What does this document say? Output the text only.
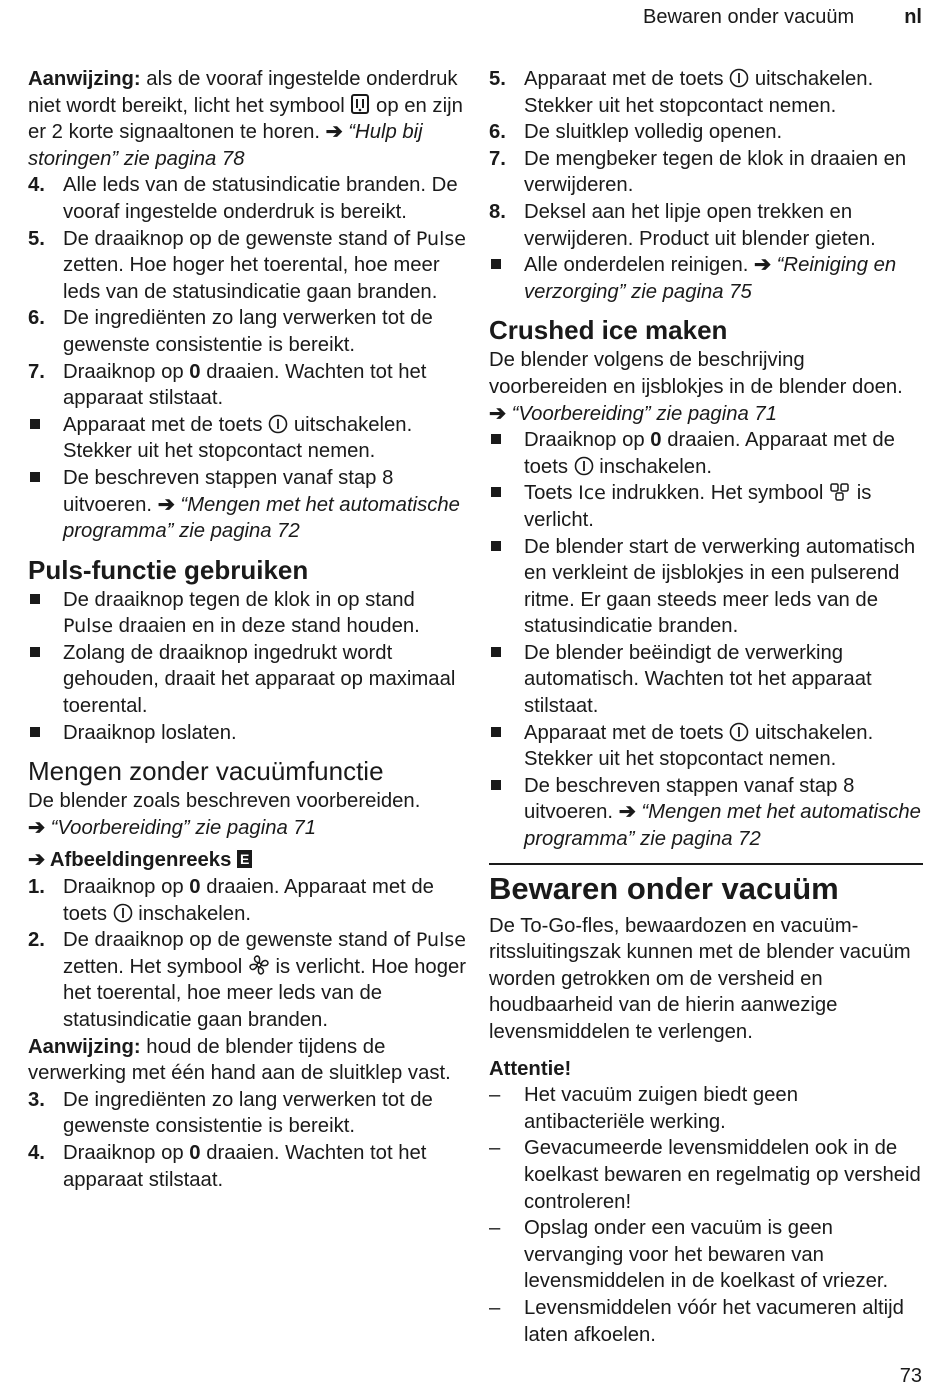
Bewaren onder vacuüm	nl

Aanwijzing: als de vooraf ingestelde onderdruk niet wordt bereikt, licht het symbool  op en zijn er 2 korte signaaltonen te horen. ➔ “Hulp bij storingen” zie pagina 78

4. Alle leds van de statusindicatie branden. De vooraf ingestelde onderdruk is bereikt.
5. De draaiknop op de gewenste stand of Pulse zetten. Hoe hoger het toerental, hoe meer leds van de statusindicatie gaan branden.
6. De ingrediënten zo lang verwerken tot de gewenste consistentie is bereikt.
7. Draaiknop op 0 draaien. Wachten tot het apparaat stilstaat.
Apparaat met de toets  uitschakelen. Stekker uit het stopcontact nemen.
De beschreven stappen vanaf stap 8 uitvoeren. ➔ “Mengen met het automatische programma” zie pagina 72
Puls-functie gebruiken
De draaiknop tegen de klok in op stand Pulse draaien en in deze stand houden.
Zolang de draaiknop ingedrukt wordt gehouden, draait het apparaat op maximaal toerental.
Draaiknop loslaten.
Mengen zonder vacuümfunctie

De blender zoals beschreven voorbereiden.

➔ “Voorbereiding” zie pagina 71

➔ Afbeeldingenreeks E

1. Draaiknop op 0 draaien. Apparaat met de toets  inschakelen.
2. De draaiknop op de gewenste stand of Pulse zetten. Het symbool  is verlicht. Hoe hoger het toerental, hoe meer leds van de statusindicatie gaan branden.

Aanwijzing: houd de blender tijdens de verwerking met één hand aan de sluitklep vast.

3. De ingrediënten zo lang verwerken tot de gewenste consistentie is bereikt.
4. Draaiknop op 0 draaien. Wachten tot het apparaat stilstaat.
5. Apparaat met de toets  uitschakelen. Stekker uit het stopcontact nemen.
6. De sluitklep volledig openen.
7. De mengbeker tegen de klok in draaien en verwijderen.
8. Deksel aan het lipje open trekken en verwijderen. Product uit blender gieten.
Alle onderdelen reinigen. ➔ “Reiniging en verzorging” zie pagina 75
Crushed ice maken

De blender volgens de beschrijving voorbereiden en ijsblokjes in de blender doen. ➔ “Voorbereiding” zie pagina 71

Draaiknop op 0 draaien. Apparaat met de toets  inschakelen.
Toets Ice indrukken. Het symbool  is verlicht.
De blender start de verwerking automatisch en verkleint de ijsblokjes in een pulserend ritme. Er gaan steeds meer leds van de statusindicatie branden.
De blender beëindigt de verwerking automatisch. Wachten tot het apparaat stilstaat.
Apparaat met de toets  uitschakelen. Stekker uit het stopcontact nemen.
De beschreven stappen vanaf stap 8 uitvoeren. ➔ “Mengen met het automatische programma” zie pagina 72
Bewaren onder vacuüm

De To-Go-fles, bewaardozen en vacuümritssluitingszak kunnen met de blender vacuüm worden getrokken om de versheid en houdbaarheid van de hierin aanwezige levensmiddelen te verlengen.

Attentie!

–	Het vacuüm zuigen biedt geen antibacteriële werking.
–	Gevacumeerde levensmiddelen ook in de koelkast bewaren en regelmatig op versheid controleren!
–	Opslag onder een vacuüm is geen vervanging voor het bewaren van levensmiddelen in de koelkast of vriezer.
–	Levensmiddelen vóór het vacumeren altijd laten afkoelen.
73
